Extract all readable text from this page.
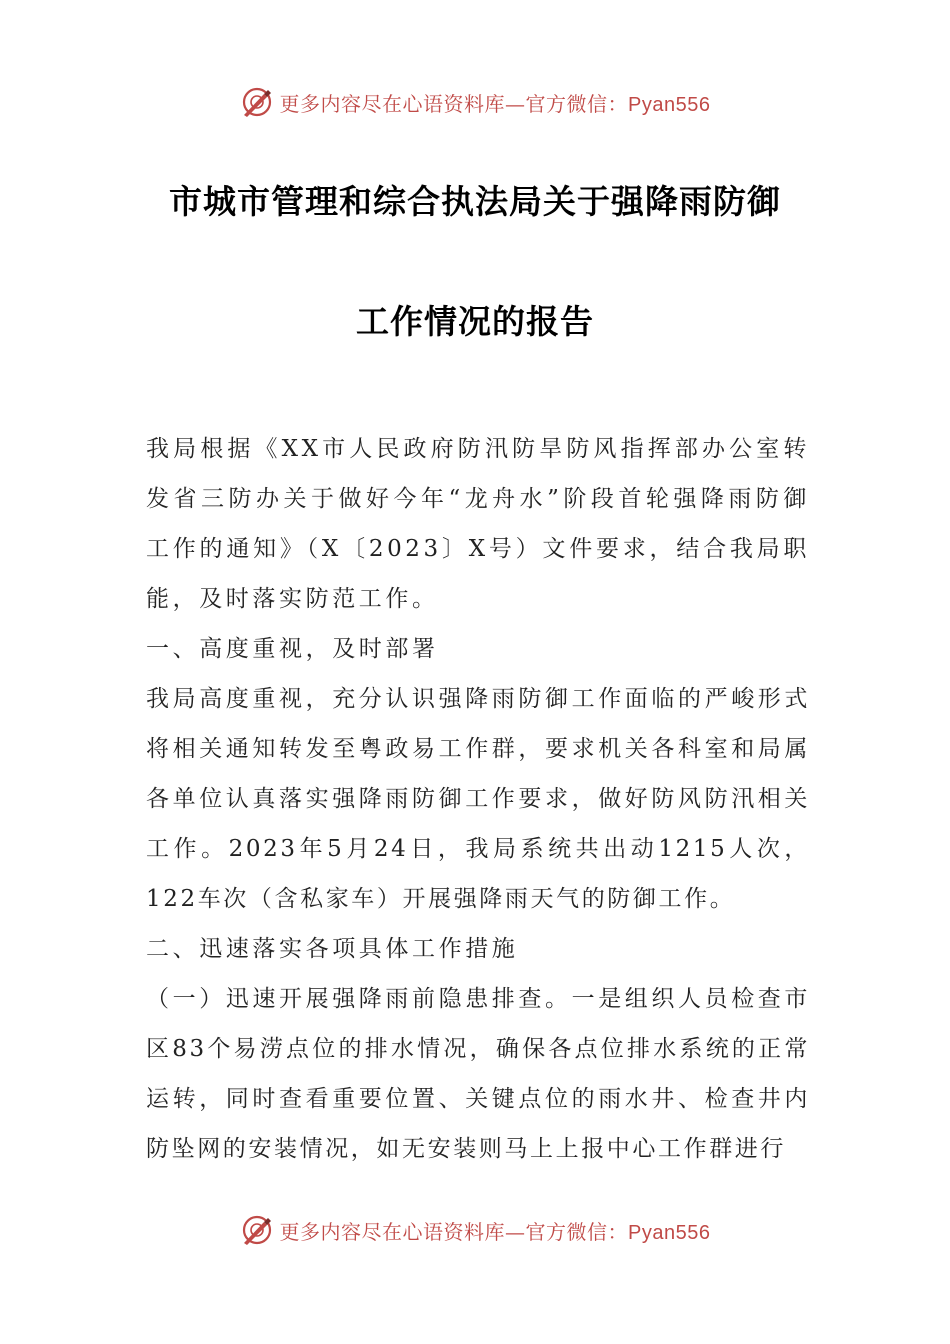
更多内容尽在心语资料库—官方微信：Pyan556
市城市管理和综合执法局关于强降雨防御
工作情况的报告

我局根据《XX市人民政府防汛防旱防风指挥部办公室转发省三防办关于做好今年“龙舟水”阶段首轮强降雨防御工作的通知》（X〔2023〕X号）文件要求，结合我局职能，及时落实防范工作。

一、高度重视，及时部署

我局高度重视，充分认识强降雨防御工作面临的严峻形式将相关通知转发至粤政易工作群，要求机关各科室和局属各单位认真落实强降雨防御工作要求，做好防风防汛相关工作。2023年5月24日，我局系统共出动1215人次，122车次（含私家车）开展强降雨天气的防御工作。

二、迅速落实各项具体工作措施

（一）迅速开展强降雨前隐患排查。一是组织人员检查市区83个易涝点位的排水情况，确保各点位排水系统的正常运转，同时查看重要位置、关键点位的雨水井、检查井内防坠网的安装情况，如无安装则马上上报中心工作群进行

更多内容尽在心语资料库—官方微信：Pyan556
